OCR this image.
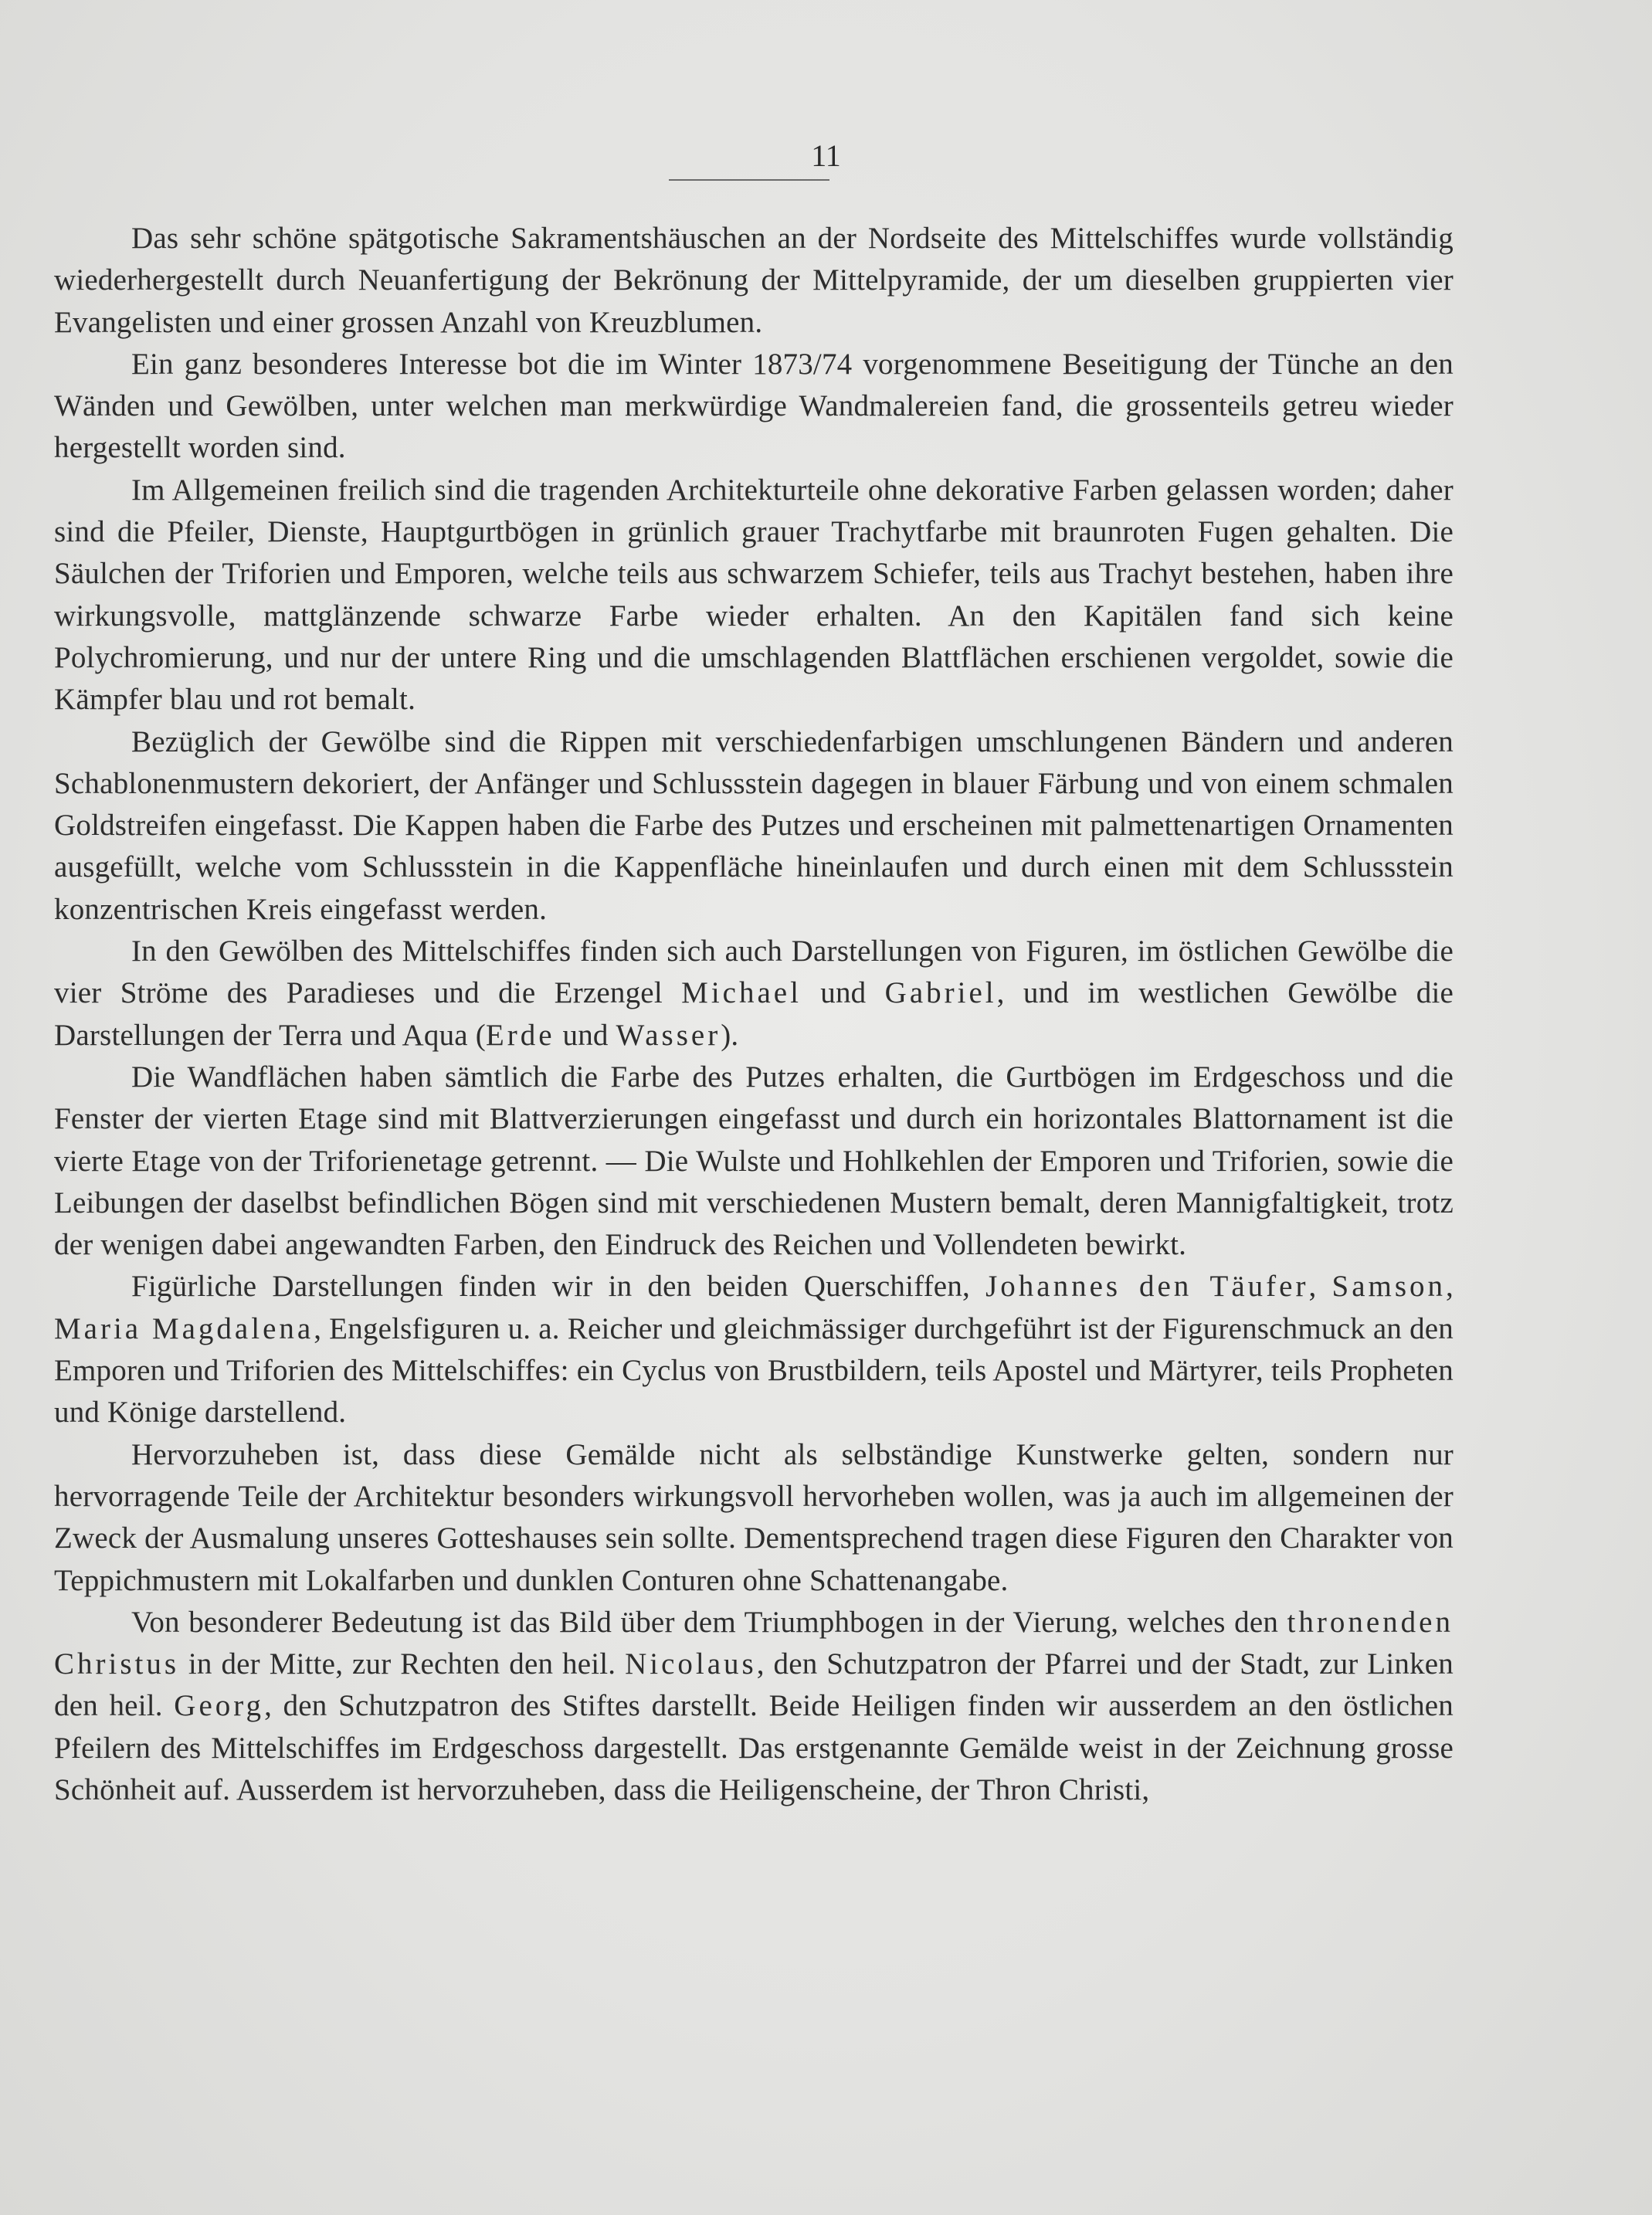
11

Das sehr schöne spätgotische Sakramentshäuschen an der Nordseite des Mittelschiffes wurde vollständig wiederhergestellt durch Neuanfertigung der Bekrönung der Mittelpyramide, der um dieselben gruppierten vier Evangelisten und einer grossen Anzahl von Kreuzblumen.

Ein ganz besonderes Interesse bot die im Winter 1873/74 vorgenommene Beseitigung der Tünche an den Wänden und Gewölben, unter welchen man merkwürdige Wandmalereien fand, die grossenteils getreu wieder hergestellt worden sind.

Im Allgemeinen freilich sind die tragenden Architekturteile ohne dekorative Farben gelassen worden; daher sind die Pfeiler, Dienste, Hauptgurtbögen in grünlich grauer Trachytfarbe mit braunroten Fugen gehalten. Die Säulchen der Triforien und Emporen, welche teils aus schwarzem Schiefer, teils aus Trachyt bestehen, haben ihre wirkungsvolle, mattglänzende schwarze Farbe wieder erhalten. An den Kapitälen fand sich keine Polychromierung, und nur der untere Ring und die umschlagenden Blattflächen erschienen vergoldet, sowie die Kämpfer blau und rot bemalt.

Bezüglich der Gewölbe sind die Rippen mit verschiedenfarbigen umschlungenen Bändern und anderen Schablonenmustern dekoriert, der Anfänger und Schlussstein dagegen in blauer Färbung und von einem schmalen Goldstreifen eingefasst. Die Kappen haben die Farbe des Putzes und erscheinen mit palmettenartigen Ornamenten ausgefüllt, welche vom Schlussstein in die Kappenfläche hineinlaufen und durch einen mit dem Schlussstein konzentrischen Kreis eingefasst werden.

In den Gewölben des Mittelschiffes finden sich auch Darstellungen von Figuren, im östlichen Gewölbe die vier Ströme des Paradieses und die Erzengel Michael und Gabriel, und im westlichen Gewölbe die Darstellungen der Terra und Aqua (Erde und Wasser).

Die Wandflächen haben sämtlich die Farbe des Putzes erhalten, die Gurtbögen im Erdgeschoss und die Fenster der vierten Etage sind mit Blattverzierungen eingefasst und durch ein horizontales Blattornament ist die vierte Etage von der Triforienetage getrennt. — Die Wulste und Hohlkehlen der Emporen und Triforien, sowie die Leibungen der daselbst befindlichen Bögen sind mit verschiedenen Mustern bemalt, deren Mannigfaltigkeit, trotz der wenigen dabei angewandten Farben, den Eindruck des Reichen und Vollendeten bewirkt.

Figürliche Darstellungen finden wir in den beiden Querschiffen, Johannes den Täufer, Samson, Maria Magdalena, Engelsfiguren u. a. Reicher und gleichmässiger durchgeführt ist der Figurenschmuck an den Emporen und Triforien des Mittelschiffes: ein Cyclus von Brustbildern, teils Apostel und Märtyrer, teils Propheten und Könige darstellend.

Hervorzuheben ist, dass diese Gemälde nicht als selbständige Kunstwerke gelten, sondern nur hervorragende Teile der Architektur besonders wirkungsvoll hervorheben wollen, was ja auch im allgemeinen der Zweck der Ausmalung unseres Gotteshauses sein sollte. Dementsprechend tragen diese Figuren den Charakter von Teppichmustern mit Lokalfarben und dunklen Conturen ohne Schattenangabe.

Von besonderer Bedeutung ist das Bild über dem Triumphbogen in der Vierung, welches den thronenden Christus in der Mitte, zur Rechten den heil. Nicolaus, den Schutzpatron der Pfarrei und der Stadt, zur Linken den heil. Georg, den Schutzpatron des Stiftes darstellt. Beide Heiligen finden wir ausserdem an den östlichen Pfeilern des Mittelschiffes im Erdgeschoss dargestellt. Das erstgenannte Gemälde weist in der Zeichnung grosse Schönheit auf. Ausserdem ist hervorzuheben, dass die Heiligenscheine, der Thron Christi,
